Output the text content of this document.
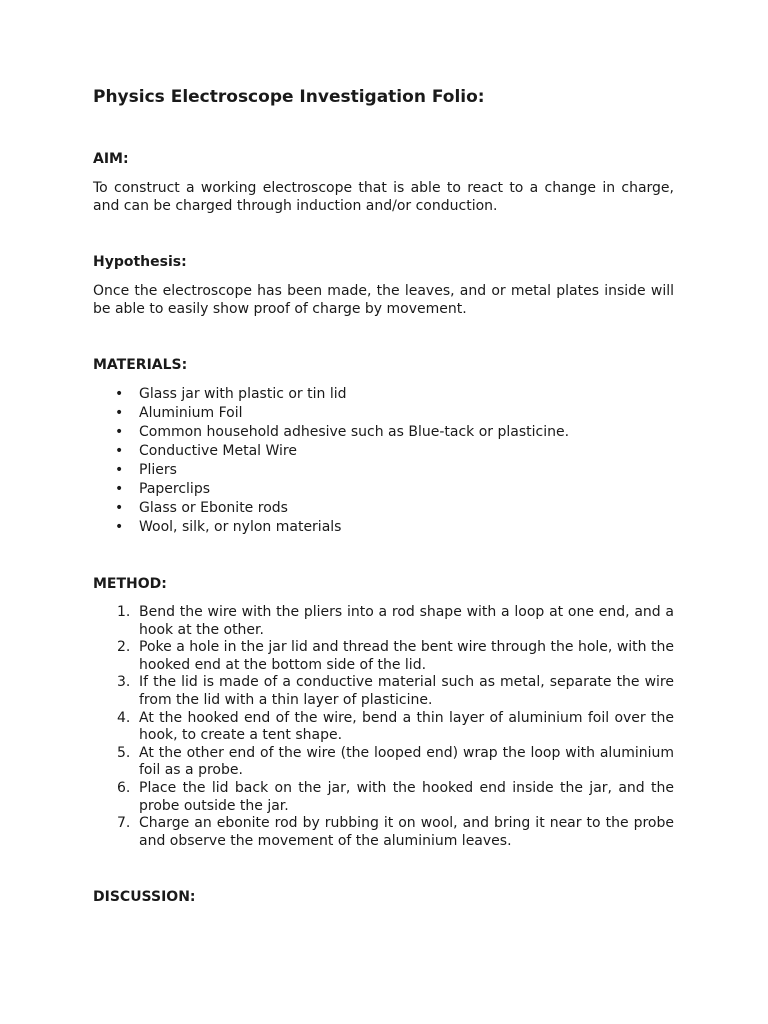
Physics Electroscope Investigation Folio:
AIM:

To construct a working electroscope that is able to react to a change in charge, and can be charged through induction and/or conduction.

Hypothesis:

Once the electroscope has been made, the leaves, and or metal plates inside will be able to easily show proof of charge by movement.

MATERIALS:
• Glass jar with plastic or tin lid
• Aluminium Foil
• Common household adhesive such as Blue-tack or plasticine.
• Conductive Metal Wire
• Pliers
• Paperclips
• Glass or Ebonite rods
• Wool, silk, or nylon materials
METHOD:
1. Bend the wire with the pliers into a rod shape with a loop at one end, and a hook at the other.
2. Poke a hole in the jar lid and thread the bent wire through the hole, with the hooked end at the bottom side of the lid.
3. If the lid is made of a conductive material such as metal, separate the wire from the lid with a thin layer of plasticine.
4. At the hooked end of the wire, bend a thin layer of aluminium foil over the hook, to create a tent shape.
5. At the other end of the wire (the looped end) wrap the loop with aluminium foil as a probe.
6. Place the lid back on the jar, with the hooked end inside the jar, and the probe outside the jar.
7. Charge an ebonite rod by rubbing it on wool, and bring it near to the probe and observe the movement of the aluminium leaves.
DISCUSSION:
